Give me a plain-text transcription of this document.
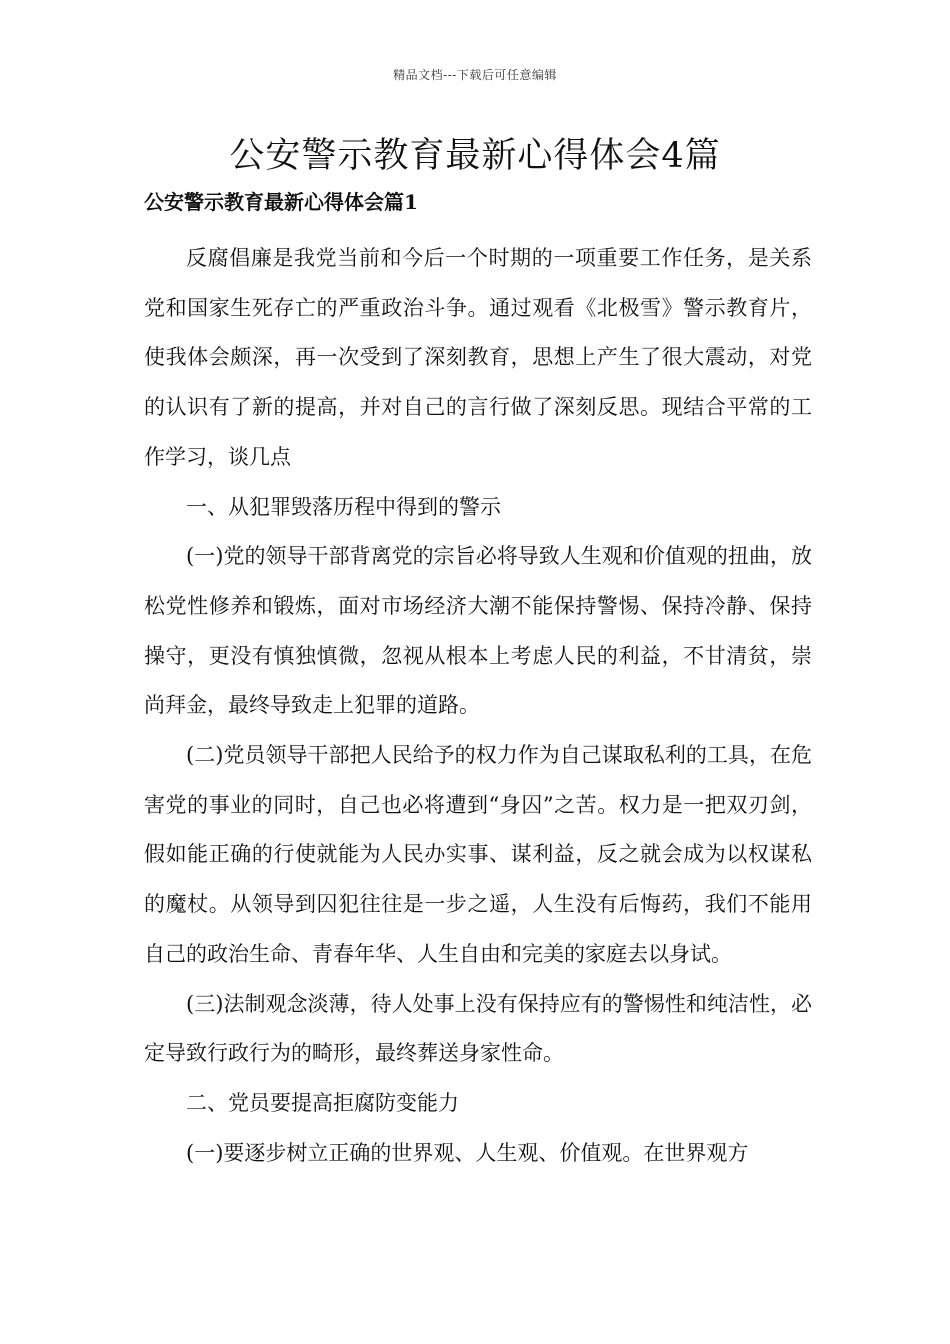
精品文档---下载后可任意编辑
公安警示教育最新心得体会4篇
公安警示教育最新心得体会篇1

反腐倡廉是我党当前和今后一个时期的一项重要工作任务，是关系党和国家生死存亡的严重政治斗争。通过观看《北极雪》警示教育片，使我体会颇深，再一次受到了深刻教育，思想上产生了很大震动，对党的认识有了新的提高，并对自己的言行做了深刻反思。现结合平常的工作学习，谈几点

一、从犯罪毁落历程中得到的警示

(一)党的领导干部背离党的宗旨必将导致人生观和价值观的扭曲，放松党性修养和锻炼，面对市场经济大潮不能保持警惕、保持冷静、保持操守，更没有慎独慎微，忽视从根本上考虑人民的利益，不甘清贫，崇尚拜金，最终导致走上犯罪的道路。

(二)党员领导干部把人民给予的权力作为自己谋取私利的工具，在危害党的事业的同时，自己也必将遭到“身囚”之苦。权力是一把双刃剑，假如能正确的行使就能为人民办实事、谋利益，反之就会成为以权谋私的魔杖。从领导到囚犯往往是一步之遥，人生没有后悔药，我们不能用自己的政治生命、青春年华、人生自由和完美的家庭去以身试。

(三)法制观念淡薄，待人处事上没有保持应有的警惕性和纯洁性，必定导致行政行为的畸形，最终葬送身家性命。

二、党员要提高拒腐防变能力

(一)要逐步树立正确的世界观、人生观、价值观。在世界观方
